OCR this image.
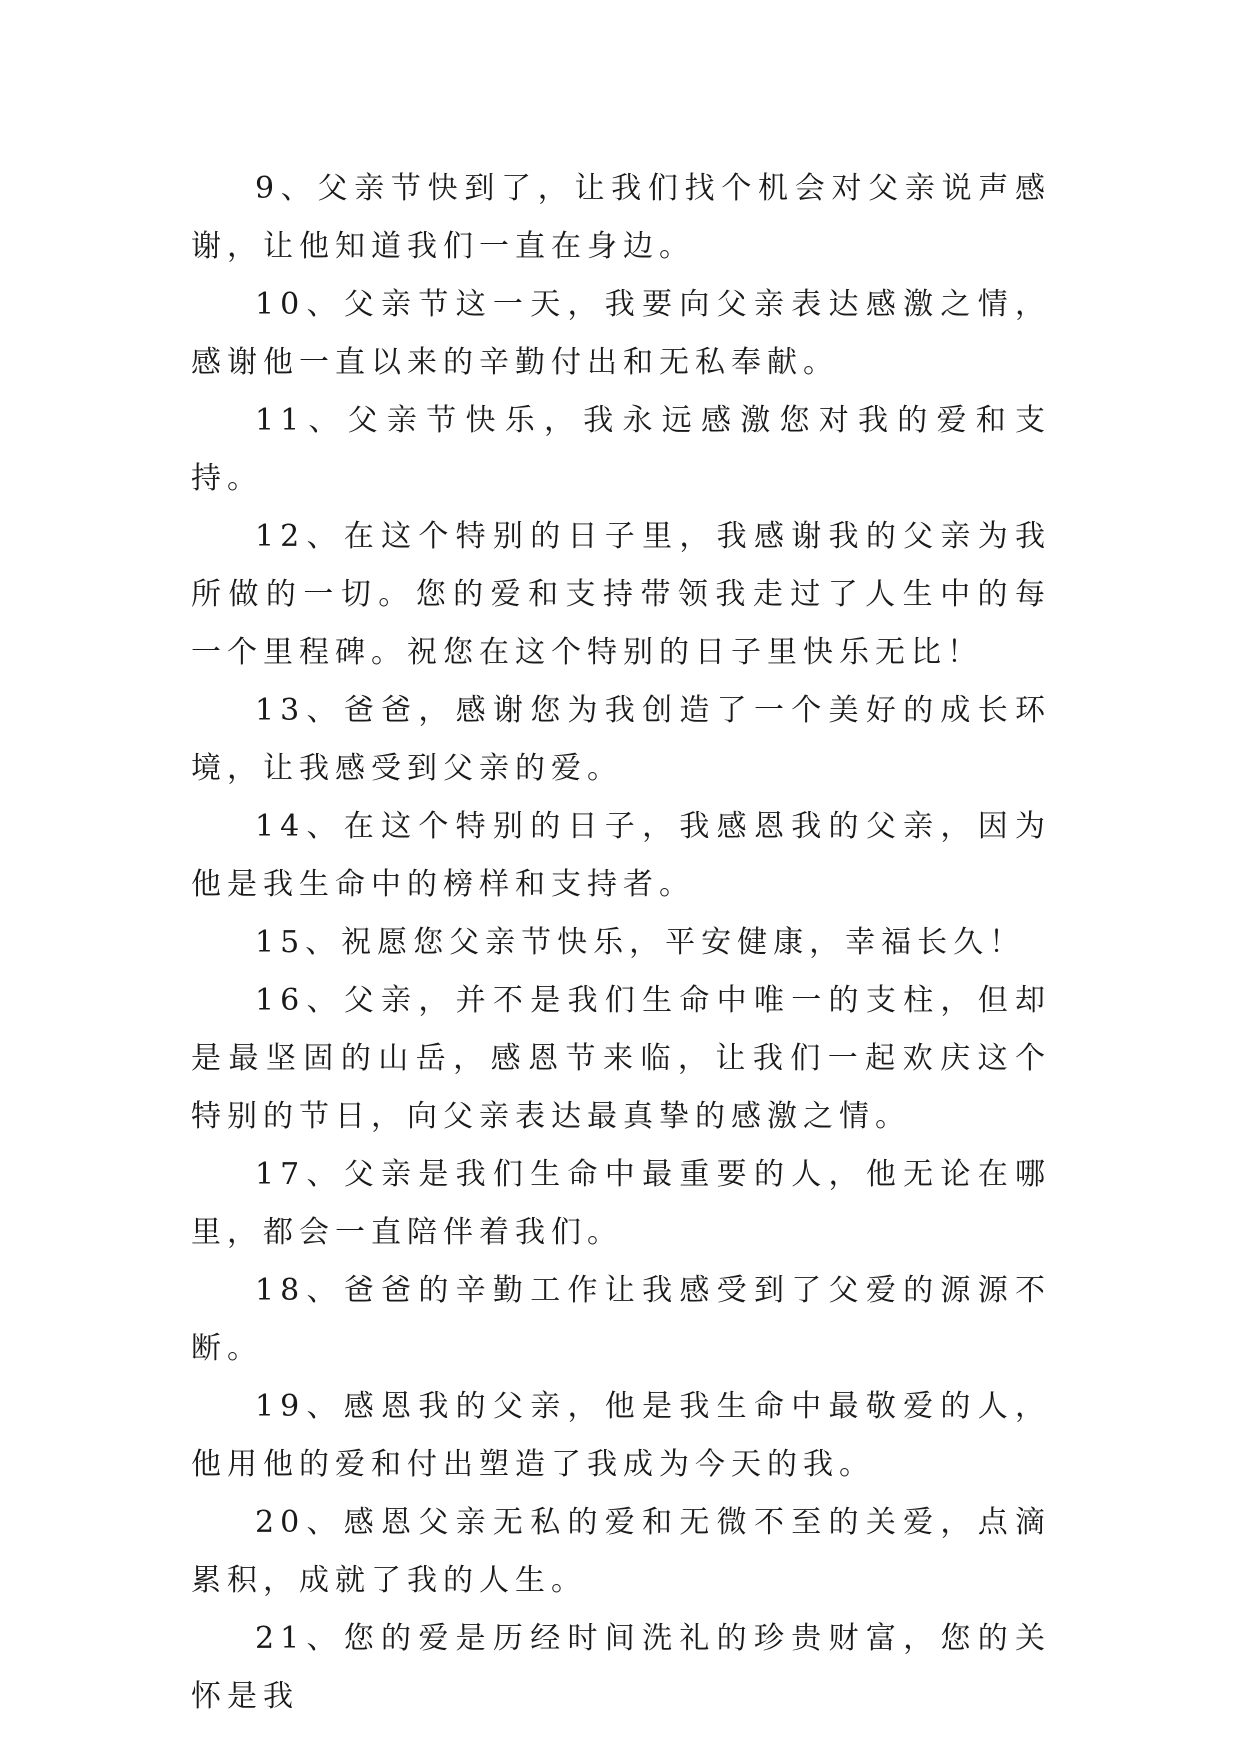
9、父亲节快到了，让我们找个机会对父亲说声感谢，让他知道我们一直在身边。

10、父亲节这一天，我要向父亲表达感激之情，感谢他一直以来的辛勤付出和无私奉献。

11、父亲节快乐，我永远感激您对我的爱和支持。

12、在这个特别的日子里，我感谢我的父亲为我所做的一切。您的爱和支持带领我走过了人生中的每一个里程碑。祝您在这个特别的日子里快乐无比！

13、爸爸，感谢您为我创造了一个美好的成长环境，让我感受到父亲的爱。

14、在这个特别的日子，我感恩我的父亲，因为他是我生命中的榜样和支持者。

15、祝愿您父亲节快乐，平安健康，幸福长久！

16、父亲，并不是我们生命中唯一的支柱，但却是最坚固的山岳，感恩节来临，让我们一起欢庆这个特别的节日，向父亲表达最真挚的感激之情。

17、父亲是我们生命中最重要的人，他无论在哪里，都会一直陪伴着我们。

18、爸爸的辛勤工作让我感受到了父爱的源源不断。

19、感恩我的父亲，他是我生命中最敬爱的人，他用他的爱和付出塑造了我成为今天的我。

20、感恩父亲无私的爱和无微不至的关爱，点滴累积，成就了我的人生。

21、您的爱是历经时间洗礼的珍贵财富，您的关怀是我
